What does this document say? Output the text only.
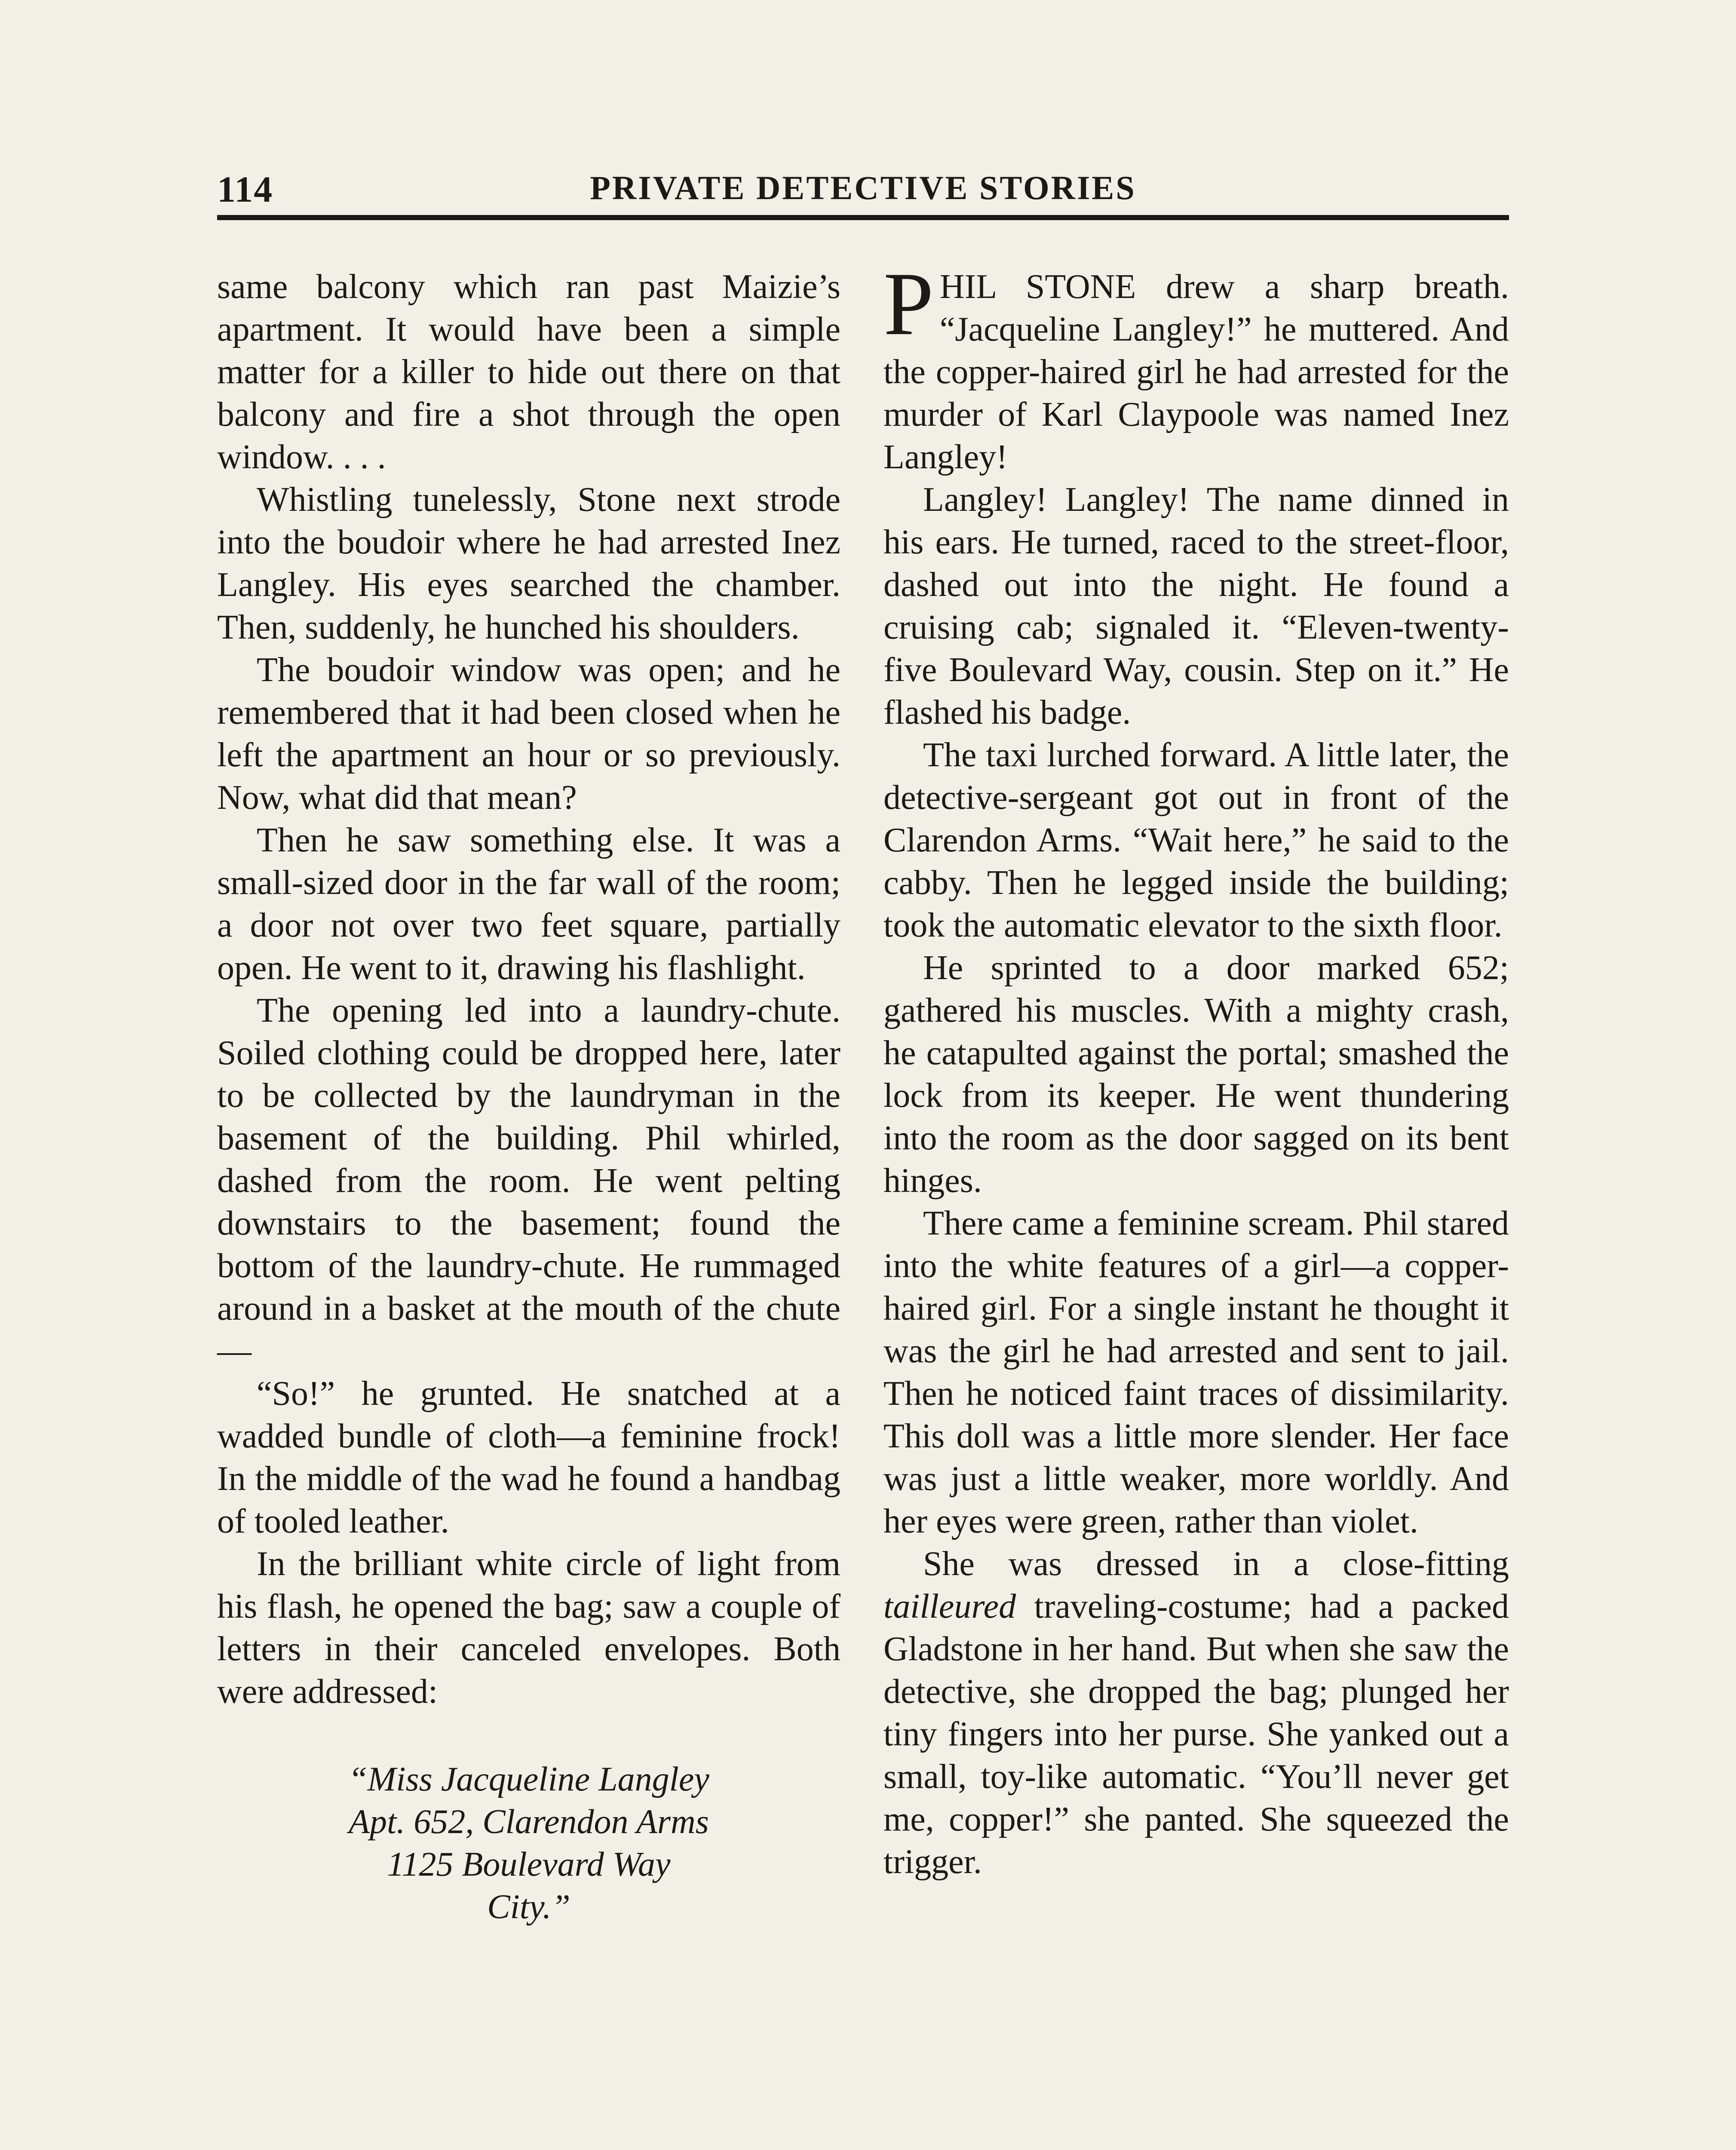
114	PRIVATE DETECTIVE STORIES

same balcony which ran past Maizie’s apartment. It would have been a simple matter for a killer to hide out there on that balcony and fire a shot through the open window. . . .

Whistling tunelessly, Stone next strode into the boudoir where he had arrested Inez Langley. His eyes searched the chamber. Then, suddenly, he hunched his shoulders.

The boudoir window was open; and he remembered that it had been closed when he left the apartment an hour or so previously. Now, what did that mean?

Then he saw something else. It was a small-sized door in the far wall of the room; a door not over two feet square, partially open. He went to it, drawing his flashlight.

The opening led into a laundry-chute. Soiled clothing could be dropped here, later to be collected by the laundryman in the basement of the building. Phil whirled, dashed from the room. He went pelting downstairs to the basement; found the bottom of the laundry-chute. He rummaged around in a basket at the mouth of the chute—

“So!” he grunted. He snatched at a wadded bundle of cloth—a feminine frock! In the middle of the wad he found a handbag of tooled leather.

In the brilliant white circle of light from his flash, he opened the bag; saw a couple of letters in their canceled envelopes. Both were addressed:

“Miss Jacqueline Langley
Apt. 652, Clarendon Arms
1125 Boulevard Way
City.”

PHIL STONE drew a sharp breath. “Jacqueline Langley!” he muttered. And the copper-haired girl he had arrested for the murder of Karl Claypoole was named Inez Langley!

Langley! Langley! The name dinned in his ears. He turned, raced to the street-floor, dashed out into the night. He found a cruising cab; signaled it. “Eleven-twenty-five Boulevard Way, cousin. Step on it.” He flashed his badge.

The taxi lurched forward. A little later, the detective-sergeant got out in front of the Clarendon Arms. “Wait here,” he said to the cabby. Then he legged inside the building; took the automatic elevator to the sixth floor.

He sprinted to a door marked 652; gathered his muscles. With a mighty crash, he catapulted against the portal; smashed the lock from its keeper. He went thundering into the room as the door sagged on its bent hinges.

There came a feminine scream. Phil stared into the white features of a girl—a copper-haired girl. For a single instant he thought it was the girl he had arrested and sent to jail. Then he noticed faint traces of dissimilarity. This doll was a little more slender. Her face was just a little weaker, more worldly. And her eyes were green, rather than violet.

She was dressed in a close-fitting tailleured traveling-costume; had a packed Gladstone in her hand. But when she saw the detective, she dropped the bag; plunged her tiny fingers into her purse. She yanked out a small, toy-like automatic. “You’ll never get me, copper!” she panted. She squeezed the trigger.
